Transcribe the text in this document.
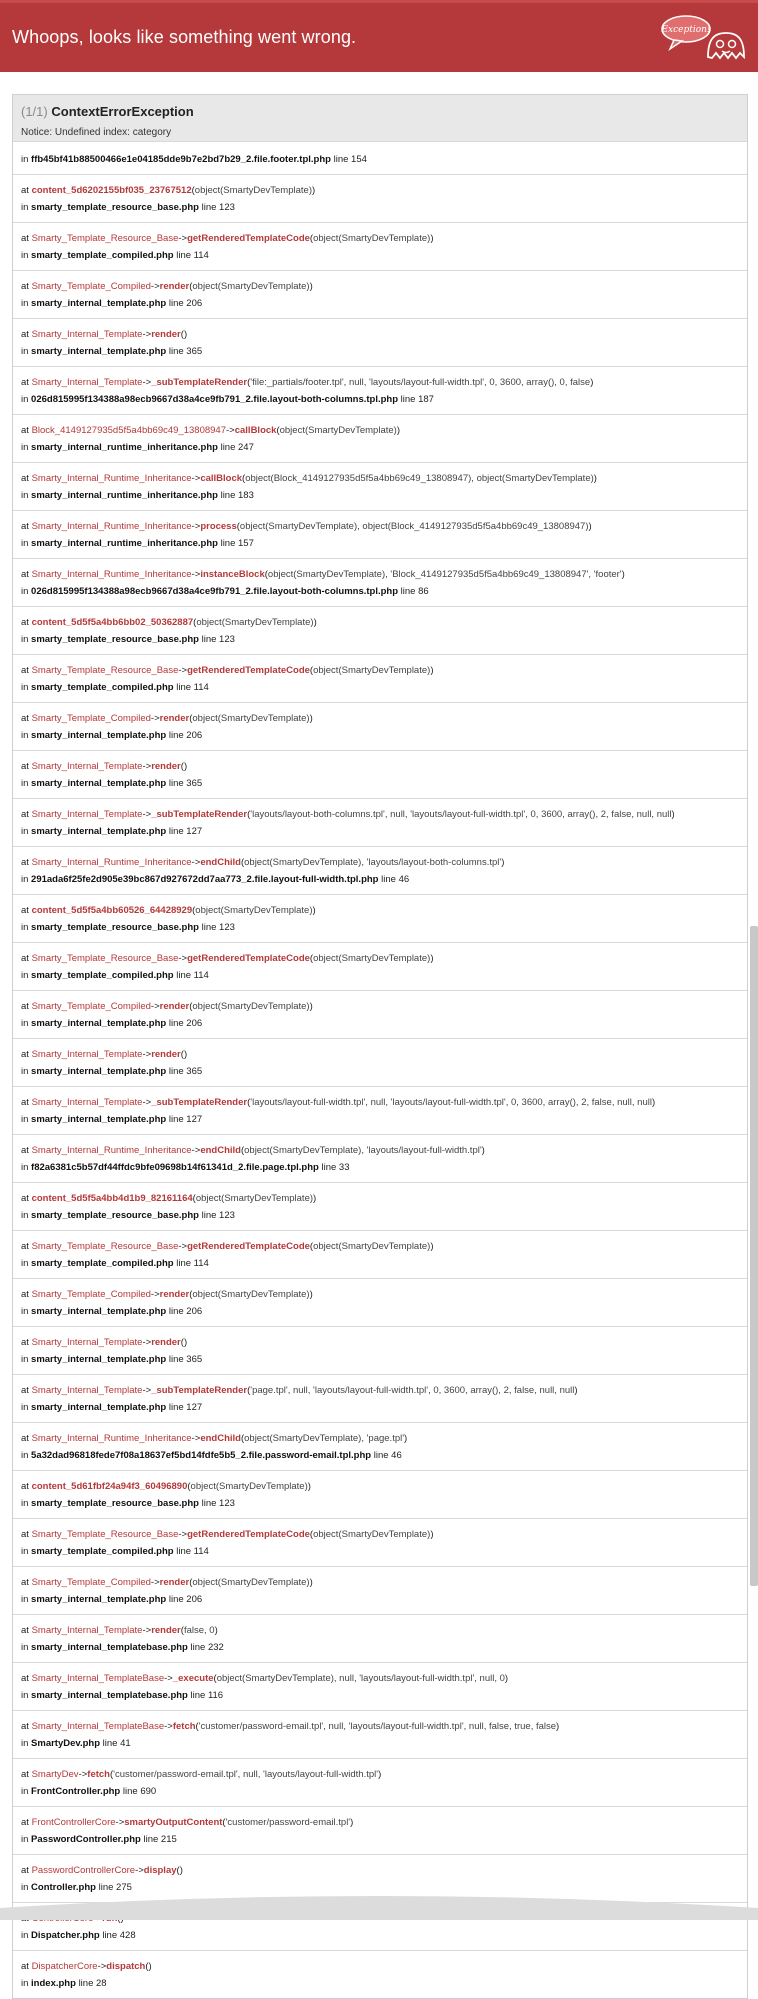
Whoops, looks like something went wrong.	Exception!
(1/1) ContextErrorException
Notice: Undefined index: category
in ffb45bf41b88500466e1e04185dde9b7e2bd7b29_2.file.footer.tpl.php line 154
at content_5d6202155bf035_23767512(object(SmartyDevTemplate))
in smarty_template_resource_base.php line 123
at Smarty_Template_Resource_Base->getRenderedTemplateCode(object(SmartyDevTemplate))
in smarty_template_compiled.php line 114
at Smarty_Template_Compiled->render(object(SmartyDevTemplate))
in smarty_internal_template.php line 206
at Smarty_Internal_Template->render()
in smarty_internal_template.php line 365
at Smarty_Internal_Template->_subTemplateRender('file:_partials/footer.tpl', null, 'layouts/layout-full-width.tpl', 0, 3600, array(), 0, false)
in 026d815995f134388a98ecb9667d38a4ce9fb791_2.file.layout-both-columns.tpl.php line 187
at Block_4149127935d5f5a4bb69c49_13808947->callBlock(object(SmartyDevTemplate))
in smarty_internal_runtime_inheritance.php line 247
at Smarty_Internal_Runtime_Inheritance->callBlock(object(Block_4149127935d5f5a4bb69c49_13808947), object(SmartyDevTemplate))
in smarty_internal_runtime_inheritance.php line 183
at Smarty_Internal_Runtime_Inheritance->process(object(SmartyDevTemplate), object(Block_4149127935d5f5a4bb69c49_13808947))
in smarty_internal_runtime_inheritance.php line 157
at Smarty_Internal_Runtime_Inheritance->instanceBlock(object(SmartyDevTemplate), 'Block_4149127935d5f5a4bb69c49_13808947', 'footer')
in 026d815995f134388a98ecb9667d38a4ce9fb791_2.file.layout-both-columns.tpl.php line 86
at content_5d5f5a4bb6bb02_50362887(object(SmartyDevTemplate))
in smarty_template_resource_base.php line 123
at Smarty_Template_Resource_Base->getRenderedTemplateCode(object(SmartyDevTemplate))
in smarty_template_compiled.php line 114
at Smarty_Template_Compiled->render(object(SmartyDevTemplate))
in smarty_internal_template.php line 206
at Smarty_Internal_Template->render()
in smarty_internal_template.php line 365
at Smarty_Internal_Template->_subTemplateRender('layouts/layout-both-columns.tpl', null, 'layouts/layout-full-width.tpl', 0, 3600, array(), 2, false, null, null)
in smarty_internal_template.php line 127
at Smarty_Internal_Runtime_Inheritance->endChild(object(SmartyDevTemplate), 'layouts/layout-both-columns.tpl')
in 291ada6f25fe2d905e39bc867d927672dd7aa773_2.file.layout-full-width.tpl.php line 46
at content_5d5f5a4bb60526_64428929(object(SmartyDevTemplate))
in smarty_template_resource_base.php line 123
at Smarty_Template_Resource_Base->getRenderedTemplateCode(object(SmartyDevTemplate))
in smarty_template_compiled.php line 114
at Smarty_Template_Compiled->render(object(SmartyDevTemplate))
in smarty_internal_template.php line 206
at Smarty_Internal_Template->render()
in smarty_internal_template.php line 365
at Smarty_Internal_Template->_subTemplateRender('layouts/layout-full-width.tpl', null, 'layouts/layout-full-width.tpl', 0, 3600, array(), 2, false, null, null)
in smarty_internal_template.php line 127
at Smarty_Internal_Runtime_Inheritance->endChild(object(SmartyDevTemplate), 'layouts/layout-full-width.tpl')
in f82a6381c5b57df44ffdc9bfe09698b14f61341d_2.file.page.tpl.php line 33
at content_5d5f5a4bb4d1b9_82161164(object(SmartyDevTemplate))
in smarty_template_resource_base.php line 123
at Smarty_Template_Resource_Base->getRenderedTemplateCode(object(SmartyDevTemplate))
in smarty_template_compiled.php line 114
at Smarty_Template_Compiled->render(object(SmartyDevTemplate))
in smarty_internal_template.php line 206
at Smarty_Internal_Template->render()
in smarty_internal_template.php line 365
at Smarty_Internal_Template->_subTemplateRender('page.tpl', null, 'layouts/layout-full-width.tpl', 0, 3600, array(), 2, false, null, null)
in smarty_internal_template.php line 127
at Smarty_Internal_Runtime_Inheritance->endChild(object(SmartyDevTemplate), 'page.tpl')
in 5a32dad96818fede7f08a18637ef5bd14fdfe5b5_2.file.password-email.tpl.php line 46
at content_5d61fbf24a94f3_60496890(object(SmartyDevTemplate))
in smarty_template_resource_base.php line 123
at Smarty_Template_Resource_Base->getRenderedTemplateCode(object(SmartyDevTemplate))
in smarty_template_compiled.php line 114
at Smarty_Template_Compiled->render(object(SmartyDevTemplate))
in smarty_internal_template.php line 206
at Smarty_Internal_Template->render(false, 0)
in smarty_internal_templatebase.php line 232
at Smarty_Internal_TemplateBase->_execute(object(SmartyDevTemplate), null, 'layouts/layout-full-width.tpl', null, 0)
in smarty_internal_templatebase.php line 116
at Smarty_Internal_TemplateBase->fetch('customer/password-email.tpl', null, 'layouts/layout-full-width.tpl', null, false, true, false)
in SmartyDev.php line 41
at SmartyDev->fetch('customer/password-email.tpl', null, 'layouts/layout-full-width.tpl')
in FrontController.php line 690
at FrontControllerCore->smartyOutputContent('customer/password-email.tpl')
in PasswordController.php line 215
at PasswordControllerCore->display()
in Controller.php line 275
in Dispatcher.php line 428
at DispatcherCore->dispatch()
in index.php line 28
